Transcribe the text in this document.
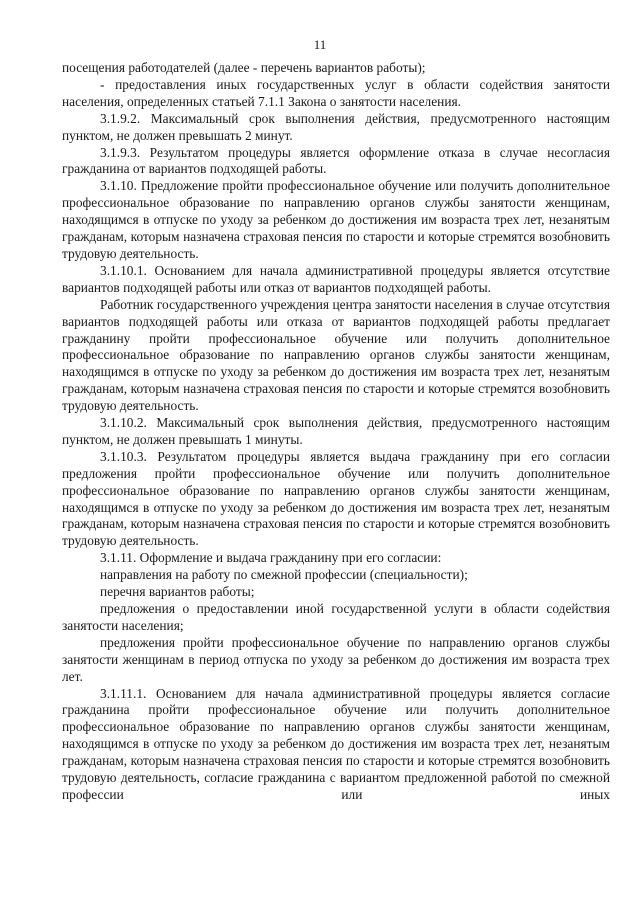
11

посещения работодателей (далее - перечень вариантов работы);

- предоставления иных государственных услуг в области содействия занятости населения, определенных статьей 7.1.1 Закона о занятости населения.

3.1.9.2. Максимальный срок выполнения действия, предусмотренного настоящим пунктом, не должен превышать 2 минут.

3.1.9.3. Результатом процедуры является оформление отказа в случае несогласия гражданина от вариантов подходящей работы.

3.1.10. Предложение пройти профессиональное обучение или получить дополнительное профессиональное образование по направлению органов службы занятости женщинам, находящимся в отпуске по уходу за ребенком до достижения им возраста трех лет, незанятым гражданам, которым назначена страховая пенсия по старости и которые стремятся возобновить трудовую деятельность.

3.1.10.1. Основанием для начала административной процедуры является отсутствие вариантов подходящей работы или отказ от вариантов подходящей работы.

Работник государственного учреждения центра занятости населения в случае отсутствия вариантов подходящей работы или отказа от вариантов подходящей работы предлагает гражданину пройти профессиональное обучение или получить дополнительное профессиональное образование по направлению органов службы занятости женщинам, находящимся в отпуске по уходу за ребенком до достижения им возраста трех лет, незанятым гражданам, которым назначена страховая пенсия по старости и которые стремятся возобновить трудовую деятельность.

3.1.10.2. Максимальный срок выполнения действия, предусмотренного настоящим пунктом, не должен превышать 1 минуты.

3.1.10.3. Результатом процедуры является выдача гражданину при его согласии предложения пройти профессиональное обучение или получить дополнительное профессиональное образование по направлению органов службы занятости женщинам, находящимся в отпуске по уходу за ребенком до достижения им возраста трех лет, незанятым гражданам, которым назначена страховая пенсия по старости и которые стремятся возобновить трудовую деятельность.

3.1.11. Оформление и выдача гражданину при его согласии:

направления на работу по смежной профессии (специальности);

перечня вариантов работы;

предложения о предоставлении иной государственной услуги в области содействия занятости населения;

предложения пройти профессиональное обучение по направлению органов службы занятости женщинам в период отпуска по уходу за ребенком до достижения им возраста трех лет.

3.1.11.1. Основанием для начала административной процедуры является согласие гражданина пройти профессиональное обучение или получить дополнительное профессиональное образование по направлению органов службы занятости женщинам, находящимся в отпуске по уходу за ребенком до достижения им возраста трех лет, незанятым гражданам, которым назначена страховая пенсия по старости и которые стремятся возобновить трудовую деятельность, согласие гражданина с вариантом предложенной работой по смежной профессии или иных
